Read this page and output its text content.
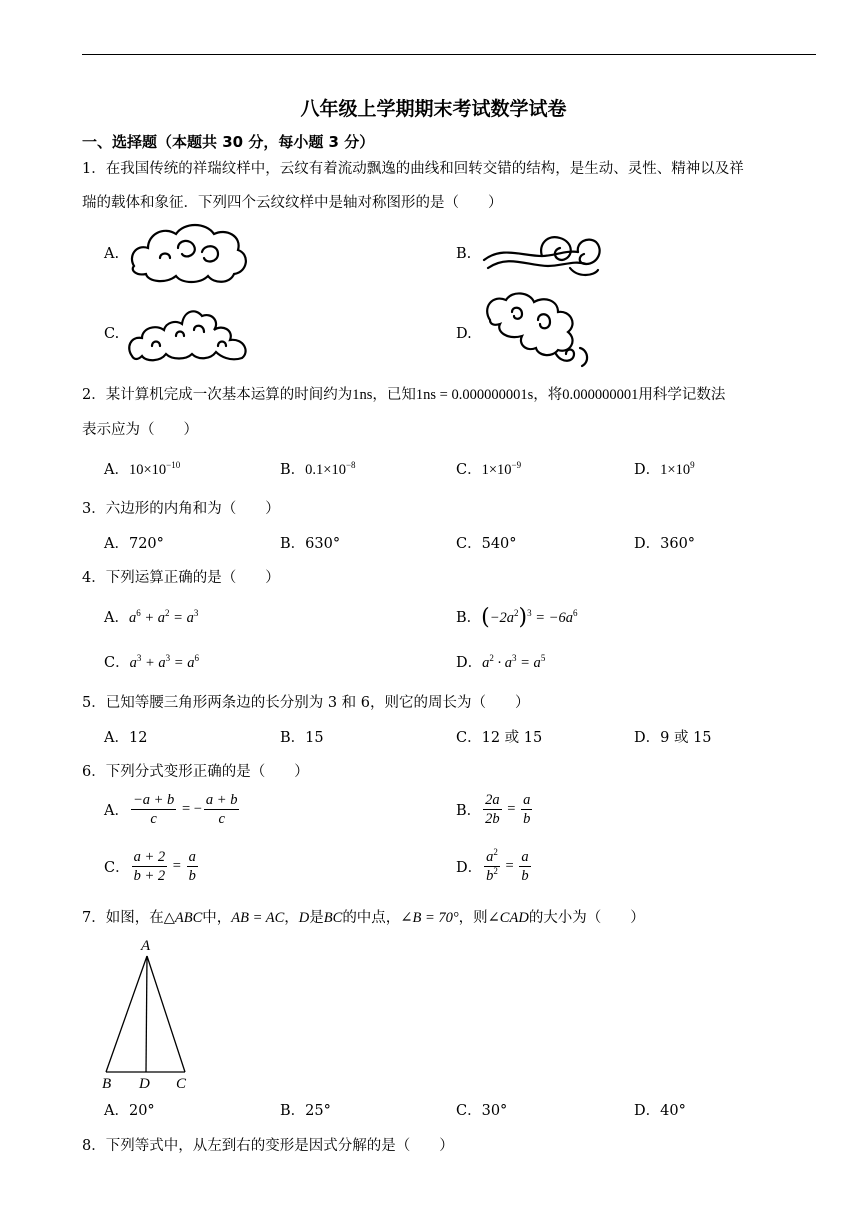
八年级上学期期末考试数学试卷
一、选择题（本题共 30 分，每小题 3 分）
1．在我国传统的祥瑞纹样中，云纹有着流动飘逸的曲线和回转交错的结构，是生动、灵性、精神以及祥
瑞的载体和象征．下列四个云纹纹样中是轴对称图形的是（　　）
A.	B.
C.	D.
2．某计算机完成一次基本运算的时间约为1ns，已知1ns = 0.000000001s，将0.000000001用科学记数法
表示应为（　　）
A．$10\times 10^{-10}$	B．$0.1\times 10^{-8}$	C．$1\times 10^{-9}$	D．$1\times 10^9$
3．六边形的内角和为（　　）
A．720°	B．630°	C．540°	D．360°
4．下列运算正确的是（　　）
A．$a^6 + a^2 = a^3$	B．$(-2a^2)^3 = -6a^6$
C．$a^3 + a^3 = a^6$	D．$a^2 \cdot a^3 = a^5$
5．已知等腰三角形两条边的长分别为 3 和 6，则它的周长为（　　）
A．12	B．15	C．12 或 15	D．9 或 15
6．下列分式变形正确的是（　　）
A． $\frac{-a + b}{c}$ = − $\frac{a + b}{c}$	B． $\frac{2a}{2b} = \frac{a}{b}$
C． $\frac{a + 2}{b + 2} = \frac{a}{b}$	D． $\frac{a^2}{b^2} = \frac{a}{b}$
7．如图，在△ABC中，AB = AC，D是BC的中点，∠B = 70°，则∠CAD的大小为（　　）
A
B D C
A．20°	B．25°	C．30°	D．40°
8．下列等式中，从左到右的变形是因式分解的是（　　）
